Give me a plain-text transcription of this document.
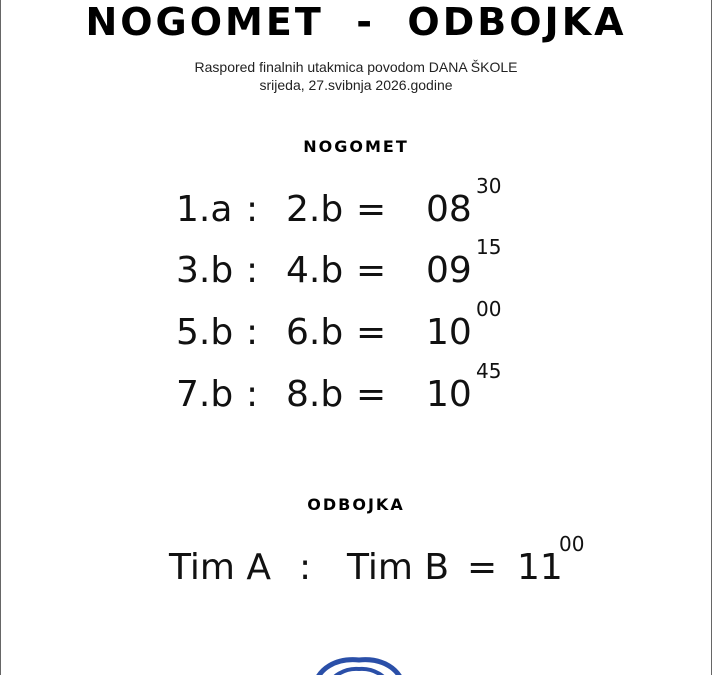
NOGOMET  -  ODBOJKA
Raspored finalnih utakmica povodom DANA ŠKOLE
srijeda, 27.svibnja 2026.godine
NOGOMET
1.a : 2.b = 08
30
3.b : 4.b = 09
15
5.b : 6.b = 10
00
7.b : 8.b = 10
45
ODBOJKA
Tim A : Tim B = 11
00
